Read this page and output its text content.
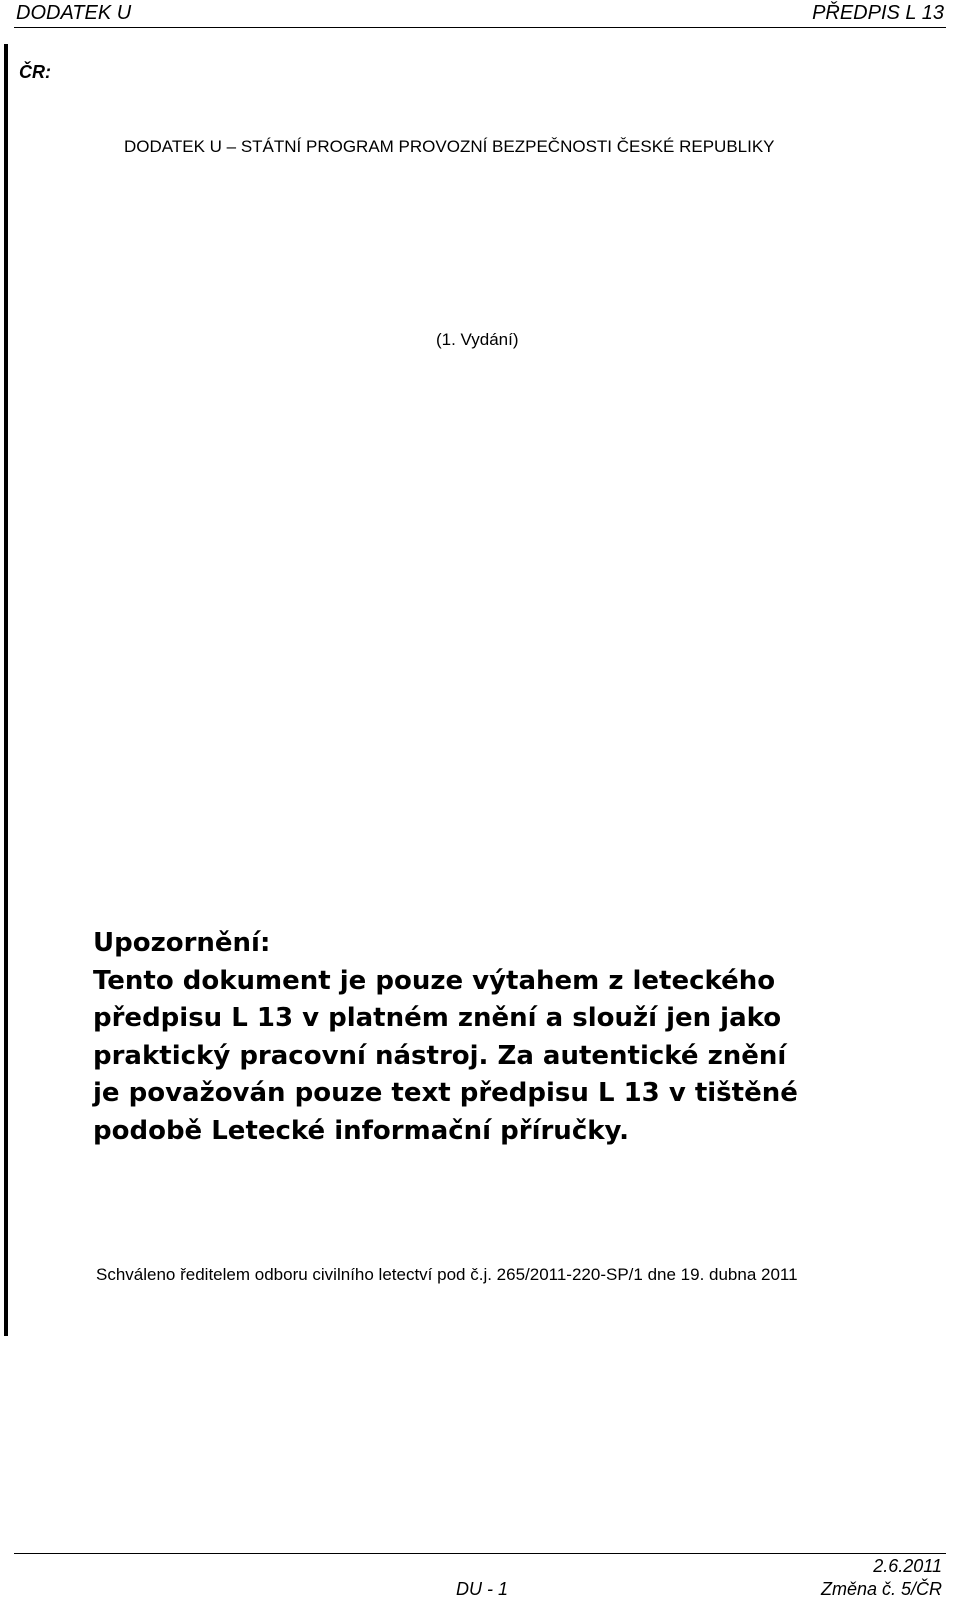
DODATEK U	PŘEDPIS L 13
ČR:
DODATEK U – STÁTNÍ PROGRAM PROVOZNÍ BEZPEČNOSTI ČESKÉ REPUBLIKY
(1. Vydání)
Upozornění:
Tento dokument je pouze výtahem z leteckého
předpisu L 13 v platném znění a slouží jen jako
praktický pracovní nástroj. Za autentické znění
je považován pouze text předpisu L 13 v tištěné
podobě Letecké informační příručky.
Schváleno ředitelem odboru civilního letectví pod č.j. 265/2011-220-SP/1 dne 19. dubna 2011
DU - 1
2.6.2011
Změna č. 5/ČR
